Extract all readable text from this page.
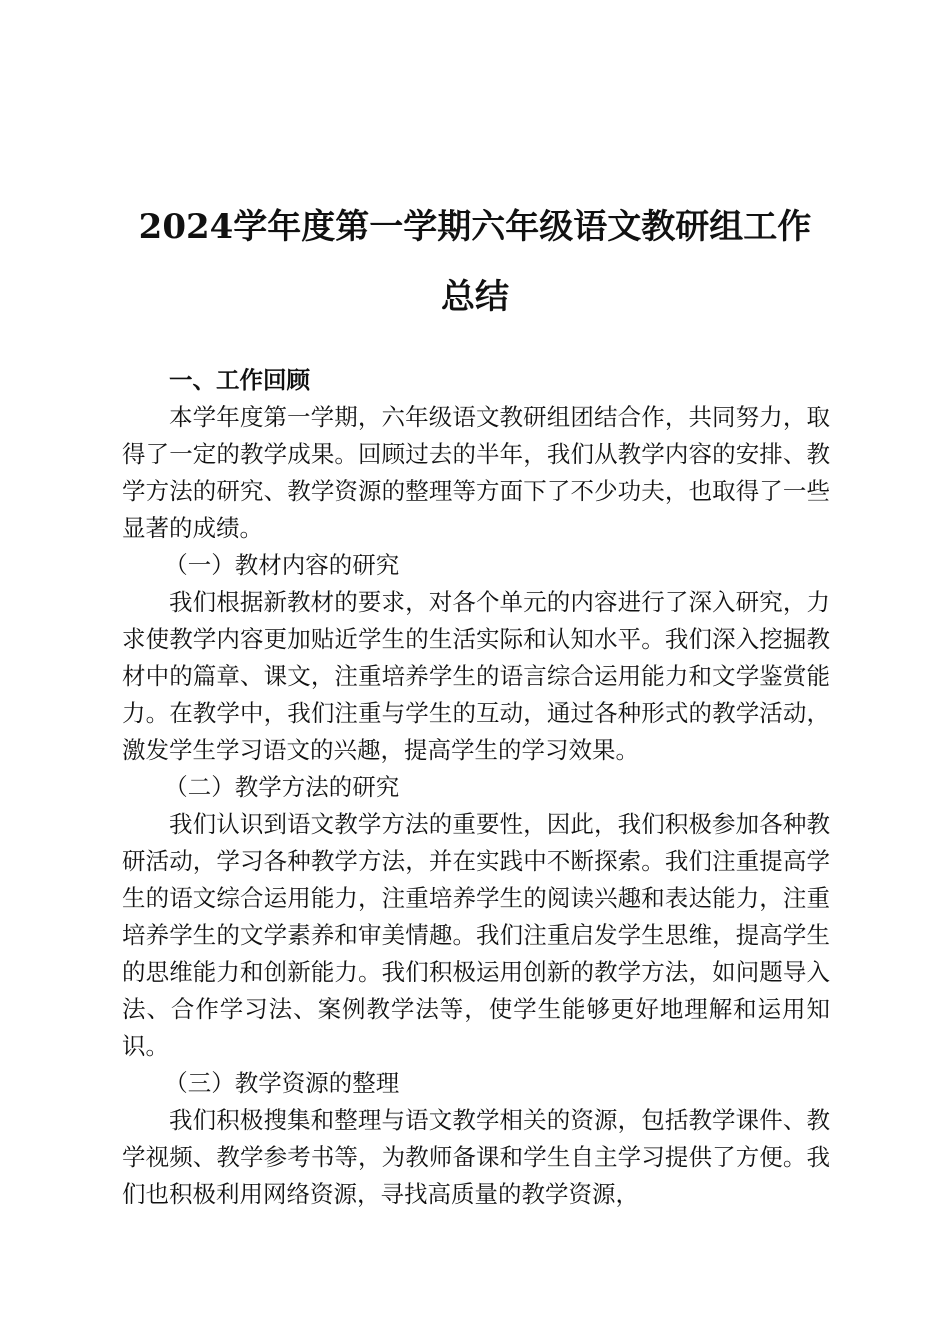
2024学年度第一学期六年级语文教研组工作
总结

一、工作回顾

本学年度第一学期，六年级语文教研组团结合作，共同努力，取得了一定的教学成果。回顾过去的半年，我们从教学内容的安排、教学方法的研究、教学资源的整理等方面下了不少功夫，也取得了一些显著的成绩。

（一）教材内容的研究

我们根据新教材的要求，对各个单元的内容进行了深入研究，力求使教学内容更加贴近学生的生活实际和认知水平。我们深入挖掘教材中的篇章、课文，注重培养学生的语言综合运用能力和文学鉴赏能力。在教学中，我们注重与学生的互动，通过各种形式的教学活动，激发学生学习语文的兴趣，提高学生的学习效果。

（二）教学方法的研究

我们认识到语文教学方法的重要性，因此，我们积极参加各种教研活动，学习各种教学方法，并在实践中不断探索。我们注重提高学生的语文综合运用能力，注重培养学生的阅读兴趣和表达能力，注重培养学生的文学素养和审美情趣。我们注重启发学生思维，提高学生的思维能力和创新能力。我们积极运用创新的教学方法，如问题导入法、合作学习法、案例教学法等，使学生能够更好地理解和运用知识。

（三）教学资源的整理

我们积极搜集和整理与语文教学相关的资源，包括教学课件、教学视频、教学参考书等，为教师备课和学生自主学习提供了方便。我们也积极利用网络资源，寻找高质量的教学资源，
